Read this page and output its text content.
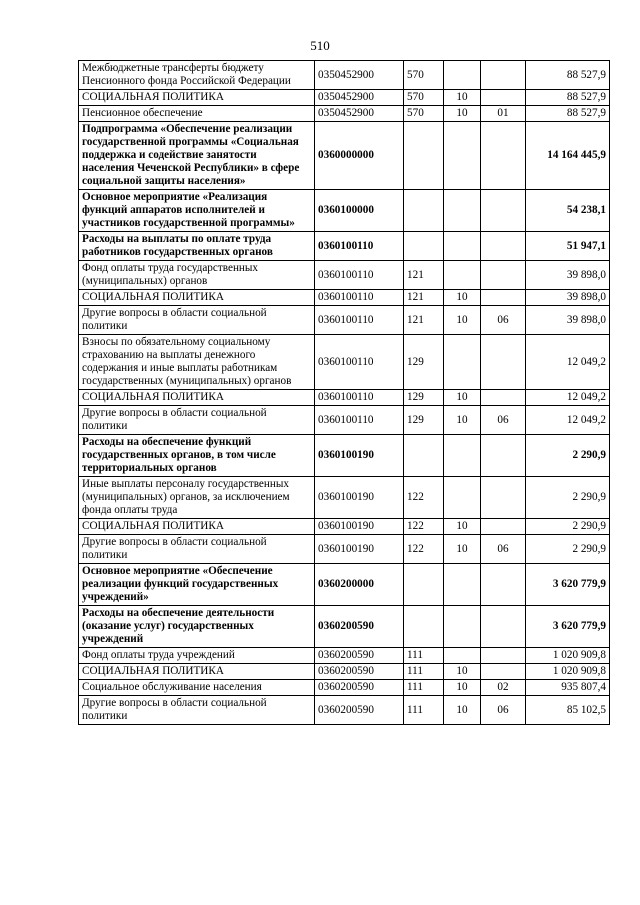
510
Межбюджетные трансферты бюджету Пенсионного фонда Российской Федерации	0350452900	570			88 527,9
СОЦИАЛЬНАЯ ПОЛИТИКА	0350452900	570	10		88 527,9
Пенсионное обеспечение	0350452900	570	10	01	88 527,9
Подпрограмма «Обеспечение реализации государственной программы «Социальная поддержка и содействие занятости населения Чеченской Республики» в сфере социальной защиты населения»	0360000000				14 164 445,9
Основное мероприятие «Реализация функций аппаратов исполнителей и участников государственной программы»	0360100000				54 238,1
Расходы на выплаты по оплате труда работников государственных органов	0360100110				51 947,1
Фонд оплаты труда государственных (муниципальных) органов	0360100110	121			39 898,0
СОЦИАЛЬНАЯ ПОЛИТИКА	0360100110	121	10		39 898,0
Другие вопросы в области социальной политики	0360100110	121	10	06	39 898,0
Взносы по обязательному социальному страхованию на выплаты денежного содержания и иные выплаты работникам государственных (муниципальных) органов	0360100110	129			12 049,2
СОЦИАЛЬНАЯ ПОЛИТИКА	0360100110	129	10		12 049,2
Другие вопросы в области социальной политики	0360100110	129	10	06	12 049,2
Расходы на обеспечение функций государственных органов, в том числе территориальных органов	0360100190				2 290,9
Иные выплаты персоналу государственных (муниципальных) органов, за исключением фонда оплаты труда	0360100190	122			2 290,9
СОЦИАЛЬНАЯ ПОЛИТИКА	0360100190	122	10		2 290,9
Другие вопросы в области социальной политики	0360100190	122	10	06	2 290,9
Основное мероприятие «Обеспечение реализации функций государственных учреждений»	0360200000				3 620 779,9
Расходы на обеспечение деятельности (оказание услуг) государственных учреждений	0360200590				3 620 779,9
Фонд оплаты труда учреждений	0360200590	111			1 020 909,8
СОЦИАЛЬНАЯ ПОЛИТИКА	0360200590	111	10		1 020 909,8
Социальное обслуживание населения	0360200590	111	10	02	935 807,4
Другие вопросы в области социальной политики	0360200590	111	10	06	85 102,5
